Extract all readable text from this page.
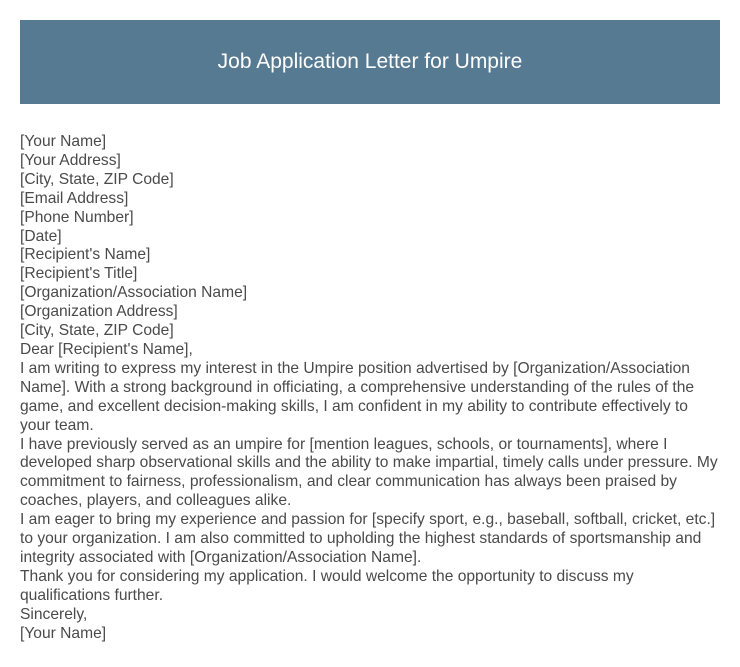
Job Application Letter for Umpire
[Your Name]
[Your Address]
[City, State, ZIP Code]
[Email Address]
[Phone Number]
[Date]
[Recipient's Name]
[Recipient's Title]
[Organization/Association Name]
[Organization Address]
[City, State, ZIP Code]
Dear [Recipient's Name],
I am writing to express my interest in the Umpire position advertised by [Organization/Association Name]. With a strong background in officiating, a comprehensive understanding of the rules of the game, and excellent decision-making skills, I am confident in my ability to contribute effectively to your team.
I have previously served as an umpire for [mention leagues, schools, or tournaments], where I developed sharp observational skills and the ability to make impartial, timely calls under pressure. My commitment to fairness, professionalism, and clear communication has always been praised by coaches, players, and colleagues alike.
I am eager to bring my experience and passion for [specify sport, e.g., baseball, softball, cricket, etc.] to your organization. I am also committed to upholding the highest standards of sportsmanship and integrity associated with [Organization/Association Name].
Thank you for considering my application. I would welcome the opportunity to discuss my qualifications further.
Sincerely,
[Your Name]
